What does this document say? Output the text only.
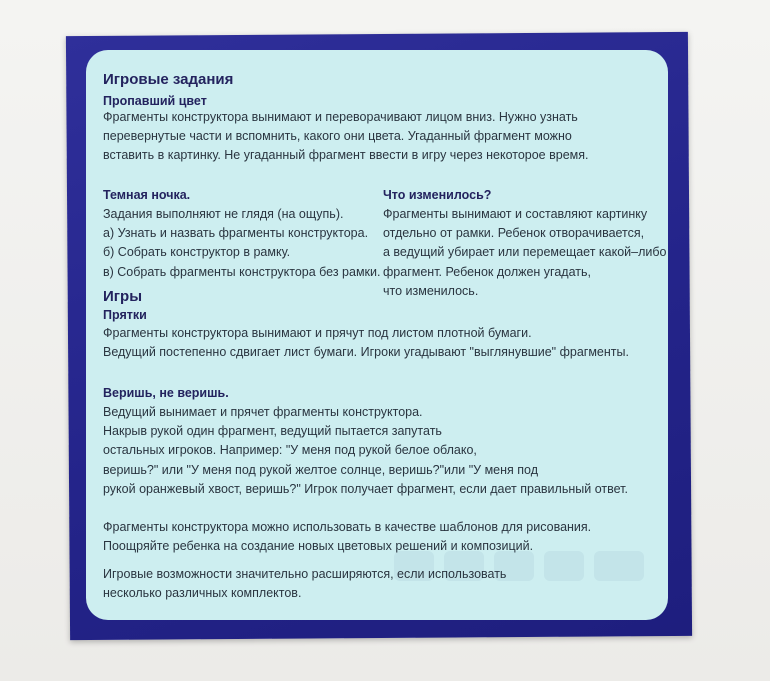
Игровые задания
Пропавший цвет

Фрагменты конструктора вынимают и переворачивают лицом вниз. Нужно узнать
перевернутые части и вспомнить, какого они цвета. Угаданный фрагмент можно
вставить в картинку. Не угаданный фрагмент ввести в игру через некоторое время.

Темная ночка.

Задания выполняют не глядя (на ощупь).
а) Узнать и назвать фрагменты конструктора.
б) Собрать конструктор в рамку.
в) Собрать фрагменты конструктора без рамки.

Что изменилось?

Фрагменты вынимают и составляют картинку
отдельно от рамки. Ребенок отворачивается,
а ведущий убирает или перемещает какой–либо
фрагмент. Ребенок должен угадать,
что изменилось.

Игры
Прятки

Фрагменты конструктора вынимают и прячут под листом плотной бумаги.
Ведущий постепенно сдвигает лист бумаги. Игроки угадывают "выглянувшие" фрагменты.

Веришь, не веришь.

Ведущий вынимает и прячет фрагменты конструктора.
Накрыв рукой один фрагмент, ведущий пытается запутать
остальных игроков. Например: "У меня под рукой белое облако,
веришь?" или "У меня под рукой желтое солнце, веришь?"или "У меня под
рукой оранжевый хвост, веришь?" Игрок получает фрагмент, если дает правильный ответ.

Фрагменты конструктора можно использовать в качестве шаблонов для рисования.
Поощряйте ребенка на создание новых цветовых решений и композиций.

Игровые возможности значительно расширяются, если использовать
несколько различных комплектов.
